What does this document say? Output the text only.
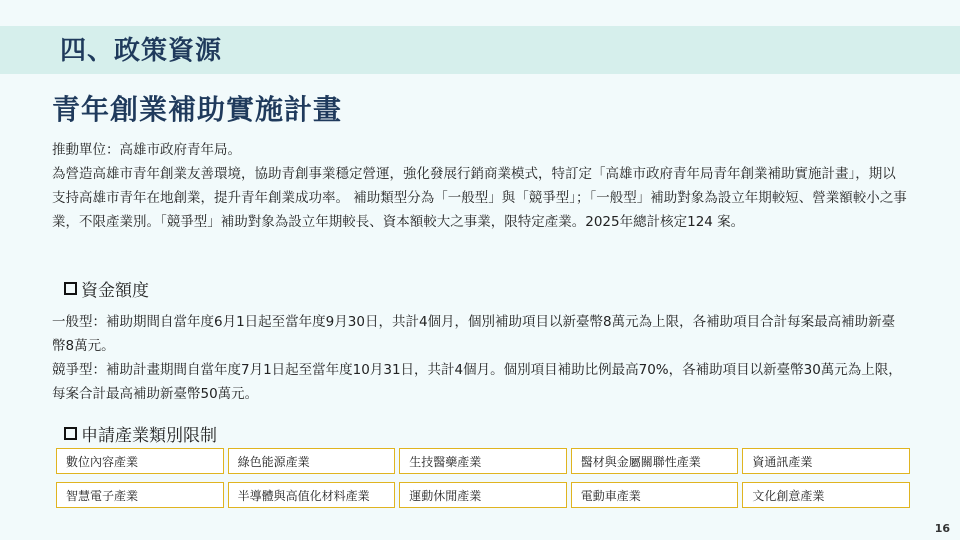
四、政策資源
青年創業補助實施計畫
推動單位：高雄市政府青年局。
為營造高雄市青年創業友善環境，協助青創事業穩定營運，強化發展行銷商業模式，特訂定「高雄市政府青年局青年創業補助實施計畫」，期以支持高雄市青年在地創業，提升青年創業成功率。 補助類型分為「一般型」與「競爭型」；「一般型」補助對象為設立年期較短、營業額較小之事業，不限產業別。「競爭型」補助對象為設立年期較長、資本額較大之事業，限特定產業。2025年總計核定124 案。
資金額度
一般型：補助期間自當年度6月1日起至當年度9月30日，共計4個月，個別補助項目以新臺幣8萬元為上限，各補助項目合計每案最高補助新臺幣8萬元。
競爭型：補助計畫期間自當年度7月1日起至當年度10月31日，共計4個月。個別項目補助比例最高70%，各補助項目以新臺幣30萬元為上限，每案合計最高補助新臺幣50萬元。
申請產業類別限制
數位內容產業	綠色能源產業	生技醫藥產業	醫材與金屬關聯性產業	資通訊產業
智慧電子產業	半導體與高值化材料產業	運動休閒產業	電動車產業	文化創意產業
16
